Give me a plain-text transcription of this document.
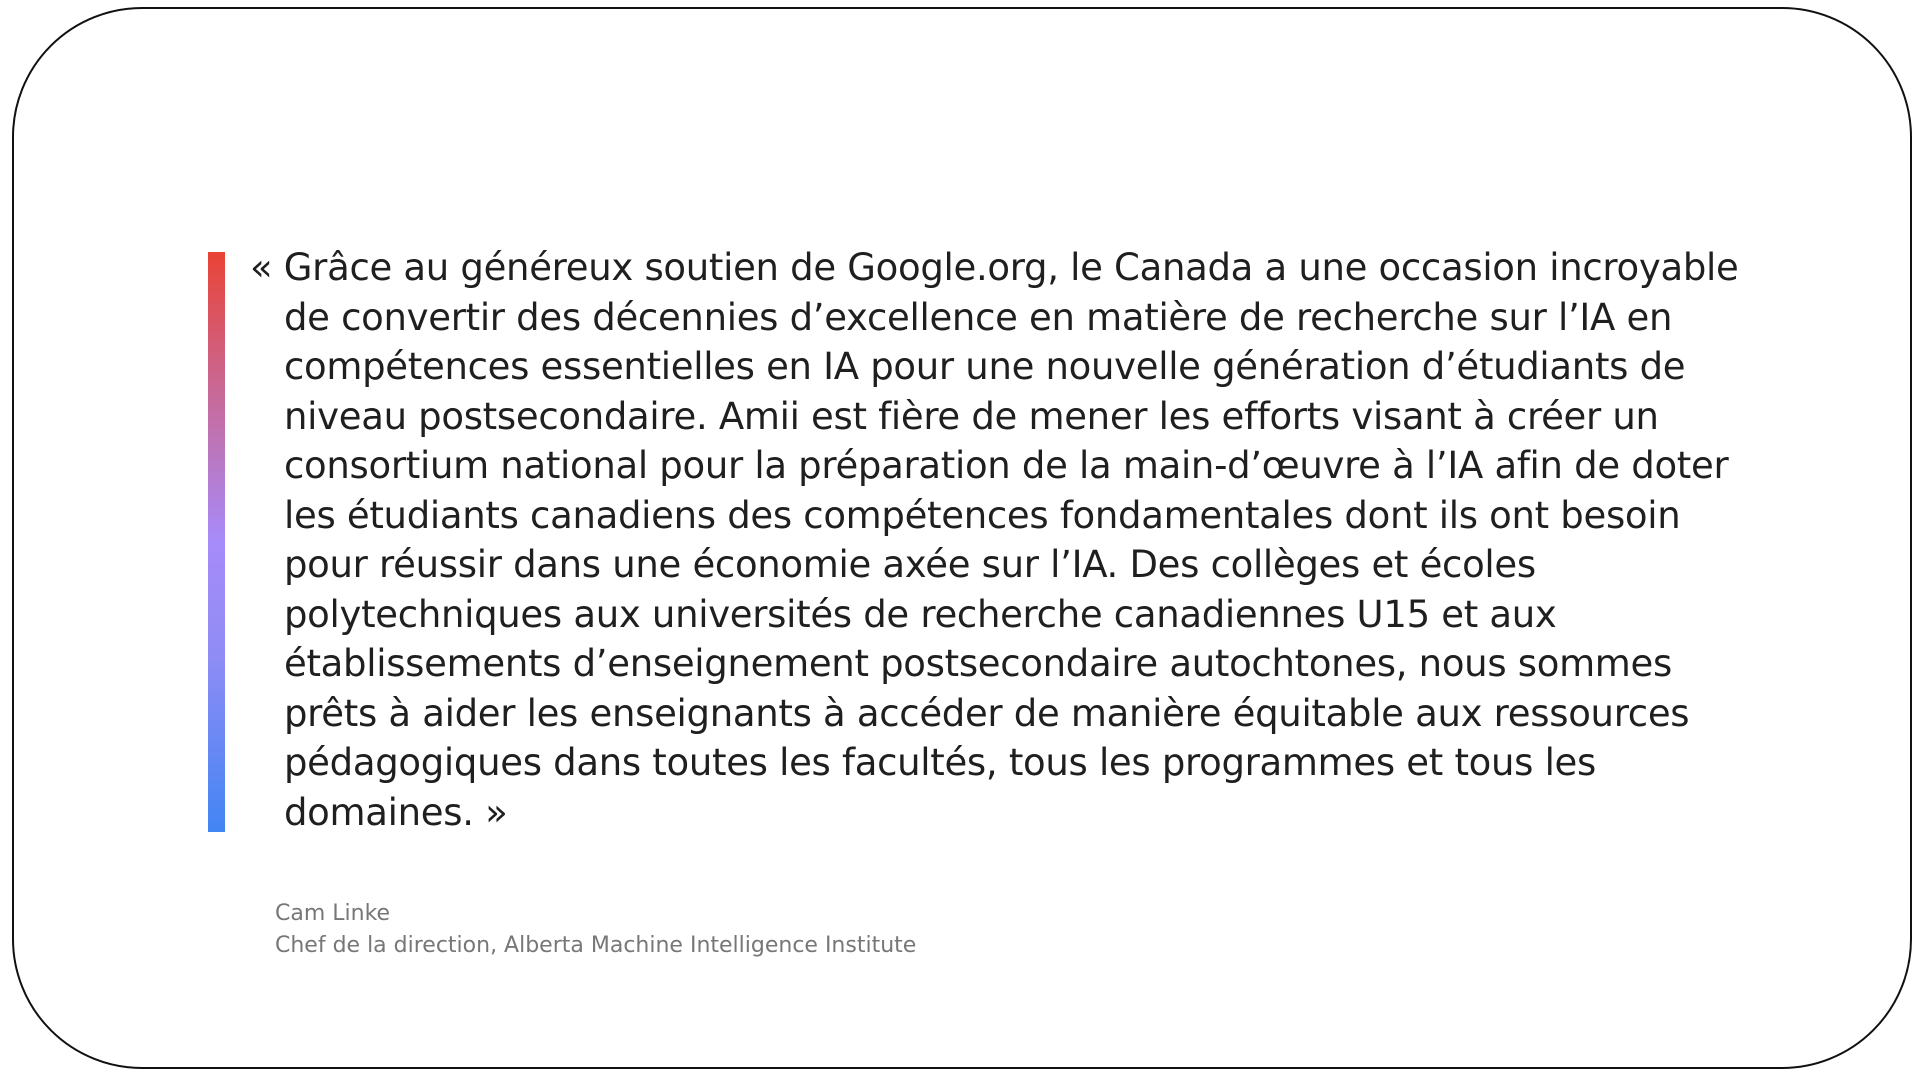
« Grâce au généreux soutien de Google.org, le Canada a une occasion incroyable de convertir des décennies d’excellence en matière de recherche sur l’IA en compétences essentielles en IA pour une nouvelle génération d’étudiants de niveau postsecondaire. Amii est fière de mener les efforts visant à créer un consortium national pour la préparation de la main-d’œuvre à l’IA afin de doter les étudiants canadiens des compétences fondamentales dont ils ont besoin pour réussir dans une économie axée sur l’IA. Des collèges et écoles polytechniques aux universités de recherche canadiennes U15 et aux établissements d’enseignement postsecondaire autochtones, nous sommes prêts à aider les enseignants à accéder de manière équitable aux ressources pédagogiques dans toutes les facultés, tous les programmes et tous les domaines. »

Cam Linke
Chef de la direction, Alberta Machine Intelligence Institute
